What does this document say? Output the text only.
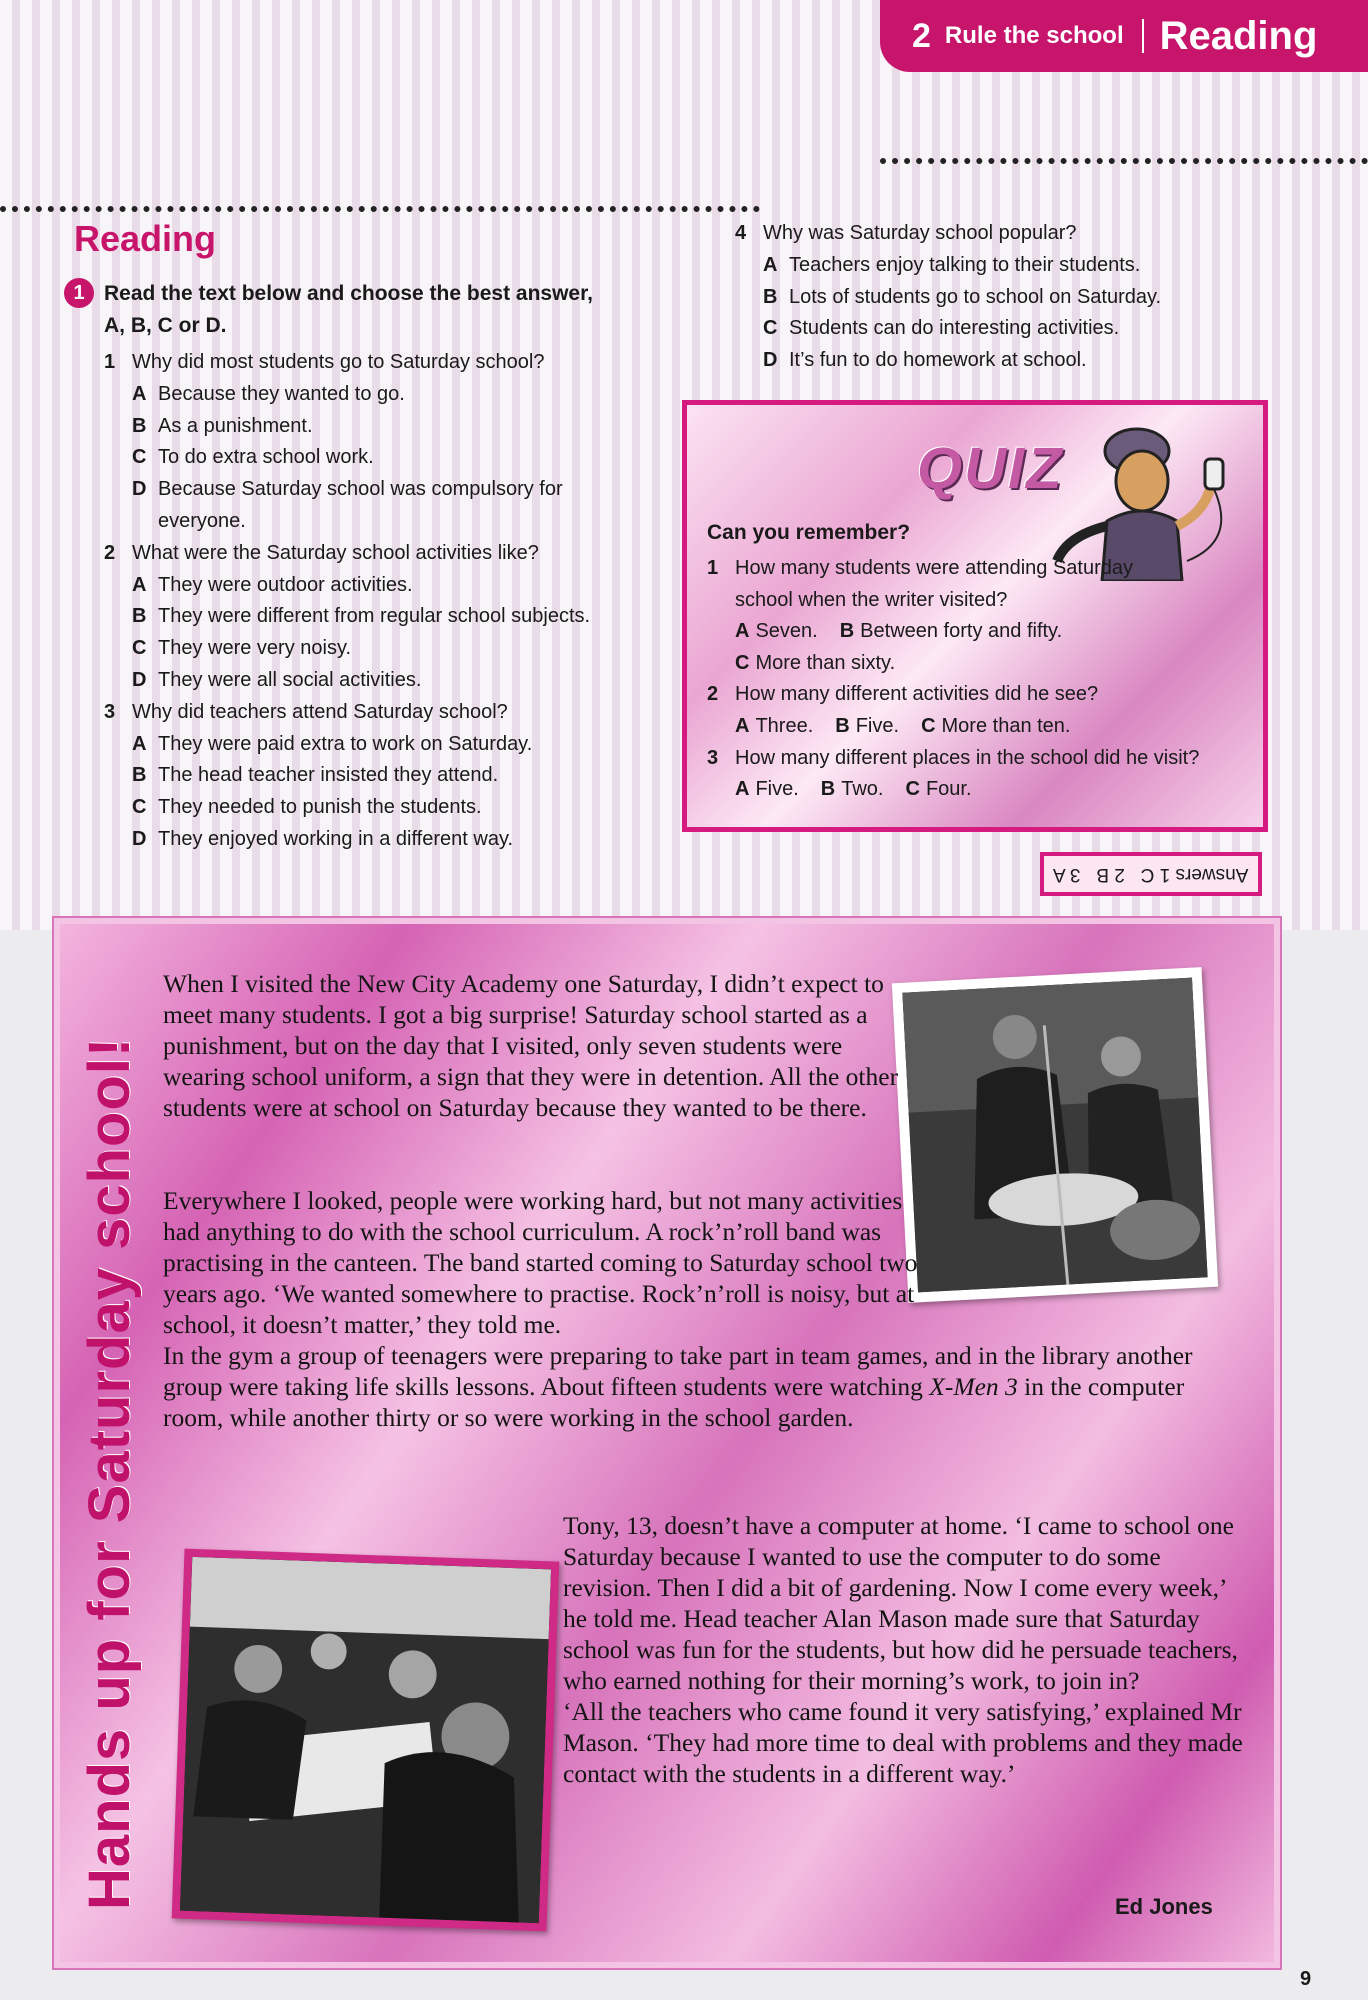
2 Rule the school Reading
Reading
1 Read the text below and choose the best answer,
A, B, C or D.
1 Why did most students go to Saturday school?
A Because they wanted to go.
B As a punishment.
C To do extra school work.
D Because Saturday school was compulsory for everyone.
2 What were the Saturday school activities like?
A They were outdoor activities.
B They were different from regular school subjects.
C They were very noisy.
D They were all social activities.
3 Why did teachers attend Saturday school?
A They were paid extra to work on Saturday.
B The head teacher insisted they attend.
C They needed to punish the students.
D They enjoyed working in a different way.
4 Why was Saturday school popular?
A Teachers enjoy talking to their students.
B Lots of students go to school on Saturday.
C Students can do interesting activities.
D It’s fun to do homework at school.
QUIZ
Can you remember?
1 How many students were attending Saturday school when the writer visited?
A Seven. B Between forty and fifty.
C More than sixty.
2 How many different activities did he see?
A Three. B Five. C More than ten.
3 How many different places in the school did he visit?
A Five. B Two. C Four.
Answers 1 C   2 B   3 A
Hands up for Saturday school!
When I visited the New City Academy one Saturday, I didn’t expect to meet many students. I got a big surprise! Saturday school started as a punishment, but on the day that I visited, only seven students were wearing school uniform, a sign that they were in detention. All the other students were at school on Saturday because they wanted to be there.
Everywhere I looked, people were working hard, but not many activities had anything to do with the school curriculum. A rock’n’roll band was practising in the canteen. The band started coming to Saturday school two years ago. ‘We wanted somewhere to practise. Rock’n’roll is noisy, but at school, it doesn’t matter,’ they told me.
In the gym a group of teenagers were preparing to take part in team games, and in the library another group were taking life skills lessons. About fifteen students were watching X-Men 3 in the computer room, while another thirty or so were working in the school garden.
Tony, 13, doesn’t have a computer at home. ‘I came to school one Saturday because I wanted to use the computer to do some revision. Then I did a bit of gardening. Now I come every week,’ he told me. Head teacher Alan Mason made sure that Saturday school was fun for the students, but how did he persuade teachers, who earned nothing for their morning’s work, to join in?
‘All the teachers who came found it very satisfying,’ explained Mr Mason. ‘They had more time to deal with problems and they made contact with the students in a different way.’
Ed Jones
9
